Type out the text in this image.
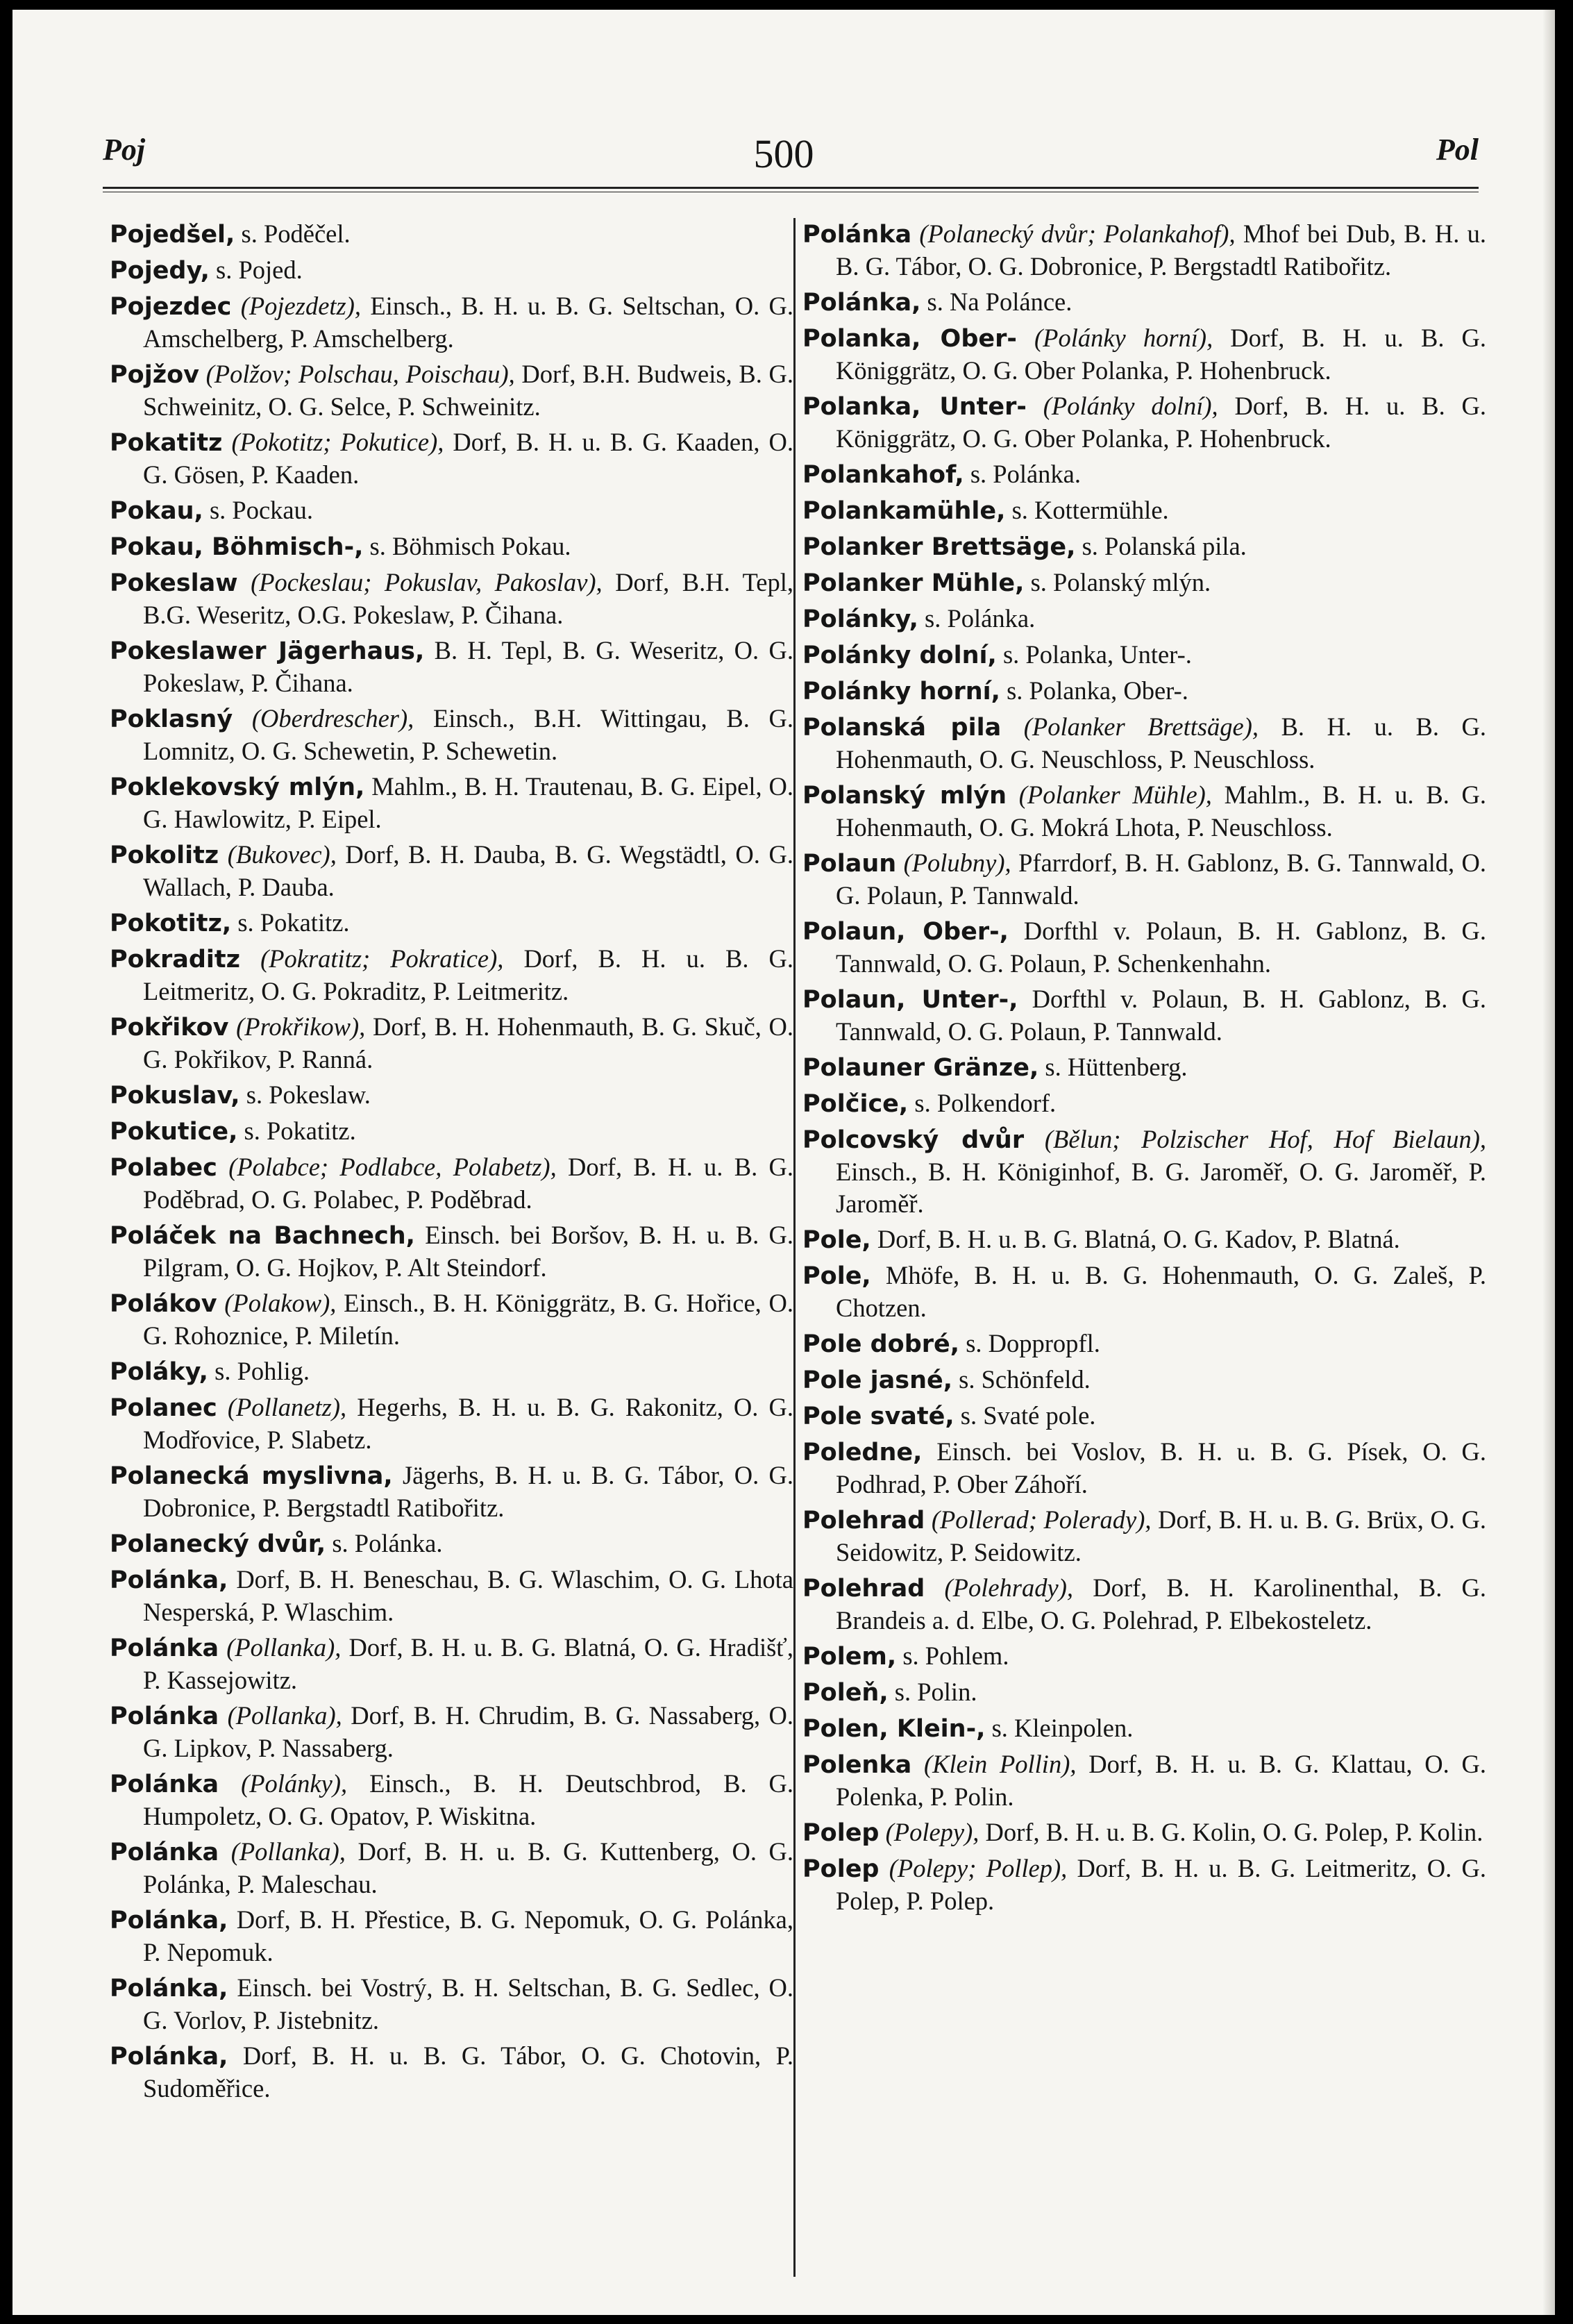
Poj	500	Pol
Pojedšel, s. Poděčel.
Pojedy, s. Pojed.
Pojezdec (Pojezdetz), Einsch., B. H. u. B. G. Seltschan, O. G. Amschelberg, P. Amschelberg.
Pojžov (Polžov; Polschau, Poischau), Dorf, B.H. Budweis, B. G. Schweinitz, O. G. Selce, P. Schweinitz.
Pokatitz (Pokotitz; Pokutice), Dorf, B. H. u. B. G. Kaaden, O. G. Gösen, P. Kaaden.
Pokau, s. Pockau.
Pokau, Böhmisch-, s. Böhmisch Pokau.
Pokeslaw (Pockeslau; Pokuslav, Pakoslav), Dorf, B.H. Tepl, B.G. Weseritz, O.G. Pokeslaw, P. Čihana.
Pokeslawer Jägerhaus, B. H. Tepl, B. G. Weseritz, O. G. Pokeslaw, P. Čihana.
Poklasný (Oberdrescher), Einsch., B.H. Wittingau, B. G. Lomnitz, O. G. Schewetin, P. Schewetin.
Poklekovský mlýn, Mahlm., B. H. Trautenau, B. G. Eipel, O. G. Hawlowitz, P. Eipel.
Pokolitz (Bukovec), Dorf, B. H. Dauba, B. G. Wegstädtl, O. G. Wallach, P. Dauba.
Pokotitz, s. Pokatitz.
Pokraditz (Pokratitz; Pokratice), Dorf, B. H. u. B. G. Leitmeritz, O. G. Pokraditz, P. Leitmeritz.
Pokřikov (Prokřikow), Dorf, B. H. Hohenmauth, B. G. Skuč, O. G. Pokřikov, P. Ranná.
Pokuslav, s. Pokeslaw.
Pokutice, s. Pokatitz.
Polabec (Polabce; Podlabce, Polabetz), Dorf, B. H. u. B. G. Poděbrad, O. G. Polabec, P. Poděbrad.
Poláček na Bachnech, Einsch. bei Boršov, B. H. u. B. G. Pilgram, O. G. Hojkov, P. Alt Steindorf.
Polákov (Polakow), Einsch., B. H. Königgrätz, B. G. Hořice, O. G. Rohoznice, P. Miletín.
Poláky, s. Pohlig.
Polanec (Pollanetz), Hegerhs, B. H. u. B. G. Rakonitz, O. G. Modřovice, P. Slabetz.
Polanecká myslivna, Jägerhs, B. H. u. B. G. Tábor, O. G. Dobronice, P. Bergstadtl Ratibořitz.
Polanecký dvůr, s. Polánka.
Polánka, Dorf, B. H. Beneschau, B. G. Wlaschim, O. G. Lhota Nesperská, P. Wlaschim.
Polánka (Pollanka), Dorf, B. H. u. B. G. Blatná, O. G. Hradišť, P. Kassejowitz.
Polánka (Pollanka), Dorf, B. H. Chrudim, B. G. Nassaberg, O. G. Lipkov, P. Nassaberg.
Polánka (Polánky), Einsch., B. H. Deutschbrod, B. G. Humpoletz, O. G. Opatov, P. Wiskitna.
Polánka (Pollanka), Dorf, B. H. u. B. G. Kuttenberg, O. G. Polánka, P. Maleschau.
Polánka, Dorf, B. H. Přestice, B. G. Nepomuk, O. G. Polánka, P. Nepomuk.
Polánka, Einsch. bei Vostrý, B. H. Seltschan, B. G. Sedlec, O. G. Vorlov, P. Jistebnitz.
Polánka, Dorf, B. H. u. B. G. Tábor, O. G. Chotovin, P. Sudoměřice.
Polánka (Polanecký dvůr; Polankahof), Mhof bei Dub, B. H. u. B. G. Tábor, O. G. Dobronice, P. Bergstadtl Ratibořitz.
Polánka, s. Na Polánce.
Polanka, Ober- (Polánky horní), Dorf, B. H. u. B. G. Königgrätz, O. G. Ober Polanka, P. Hohenbruck.
Polanka, Unter- (Polánky dolní), Dorf, B. H. u. B. G. Königgrätz, O. G. Ober Polanka, P. Hohenbruck.
Polankahof, s. Polánka.
Polankamühle, s. Kottermühle.
Polanker Brettsäge, s. Polanská pila.
Polanker Mühle, s. Polanský mlýn.
Polánky, s. Polánka.
Polánky dolní, s. Polanka, Unter-.
Polánky horní, s. Polanka, Ober-.
Polanská pila (Polanker Brettsäge), B. H. u. B. G. Hohenmauth, O. G. Neuschloss, P. Neuschloss.
Polanský mlýn (Polanker Mühle), Mahlm., B. H. u. B. G. Hohenmauth, O. G. Mokrá Lhota, P. Neuschloss.
Polaun (Polubny), Pfarrdorf, B. H. Gablonz, B. G. Tannwald, O. G. Polaun, P. Tannwald.
Polaun, Ober-, Dorfthl v. Polaun, B. H. Gablonz, B. G. Tannwald, O. G. Polaun, P. Schenkenhahn.
Polaun, Unter-, Dorfthl v. Polaun, B. H. Gablonz, B. G. Tannwald, O. G. Polaun, P. Tannwald.
Polauner Gränze, s. Hüttenberg.
Polčice, s. Polkendorf.
Polcovský dvůr (Bělun; Polzischer Hof, Hof Bielaun), Einsch., B. H. Königinhof, B. G. Jaroměř, O. G. Jaroměř, P. Jaroměř.
Pole, Dorf, B. H. u. B. G. Blatná, O. G. Kadov, P. Blatná.
Pole, Mhöfe, B. H. u. B. G. Hohenmauth, O. G. Zaleš, P. Chotzen.
Pole dobré, s. Doppropfl.
Pole jasné, s. Schönfeld.
Pole svaté, s. Svaté pole.
Poledne, Einsch. bei Voslov, B. H. u. B. G. Písek, O. G. Podhrad, P. Ober Záhoří.
Polehrad (Pollerad; Polerady), Dorf, B. H. u. B. G. Brüx, O. G. Seidowitz, P. Seidowitz.
Polehrad (Polehrady), Dorf, B. H. Karolinenthal, B. G. Brandeis a. d. Elbe, O. G. Polehrad, P. Elbekosteletz.
Polem, s. Pohlem.
Poleň, s. Polin.
Polen, Klein-, s. Kleinpolen.
Polenka (Klein Pollin), Dorf, B. H. u. B. G. Klattau, O. G. Polenka, P. Polin.
Polep (Polepy), Dorf, B. H. u. B. G. Kolin, O. G. Polep, P. Kolin.
Polep (Polepy; Pollep), Dorf, B. H. u. B. G. Leitmeritz, O. G. Polep, P. Polep.
